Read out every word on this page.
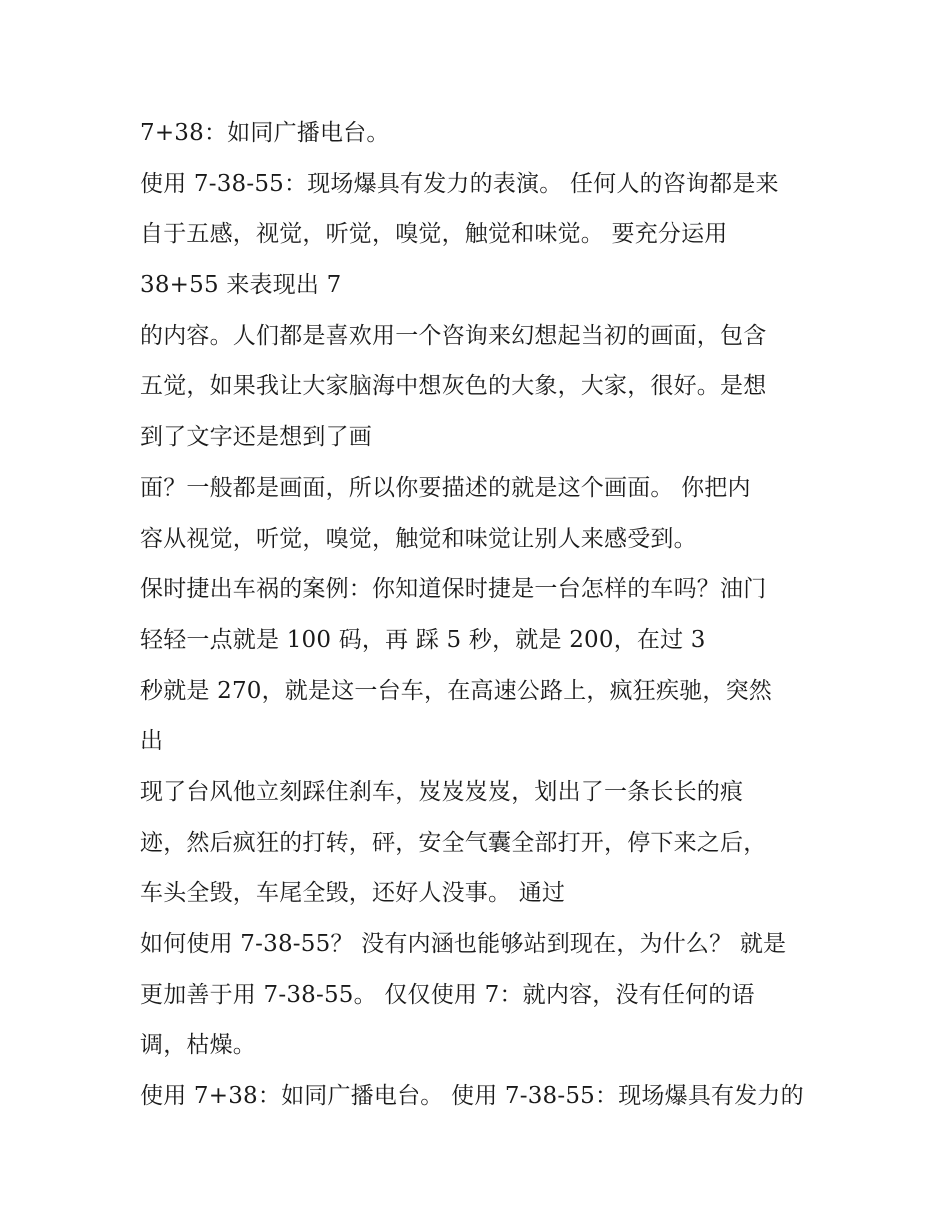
7+38：如同广播电台。
使用 7-38-55：现场爆具有发力的表演。 任何人的咨询都是来
自于五感，视觉，听觉，嗅觉，触觉和味觉。 要充分运用
38+55 来表现出 7
的内容。人们都是喜欢用一个咨询来幻想起当初的画面，包含
五觉，如果我让大家脑海中想灰色的大象，大家，很好。是想
到了文字还是想到了画
面？一般都是画面，所以你要描述的就是这个画面。 你把内
容从视觉，听觉，嗅觉，触觉和味觉让别人来感受到。
保时捷出车祸的案例：你知道保时捷是一台怎样的车吗？油门
轻轻一点就是 100 码，再 踩 5 秒，就是 200，在过 3
秒就是 270，就是这一台车，在高速公路上，疯狂疾驰，突然
出
现了台风他立刻踩住刹车，岌岌岌岌，划出了一条长长的痕
迹，然后疯狂的打转，砰，安全气囊全部打开，停下来之后，
车头全毁，车尾全毁，还好人没事。 通过
如何使用 7-38-55？ 没有内涵也能够站到现在，为什么？ 就是
更加善于用 7-38-55。 仅仅使用 7：就内容，没有任何的语
调，枯燥。
使用 7+38：如同广播电台。 使用 7-38-55：现场爆具有发力的
